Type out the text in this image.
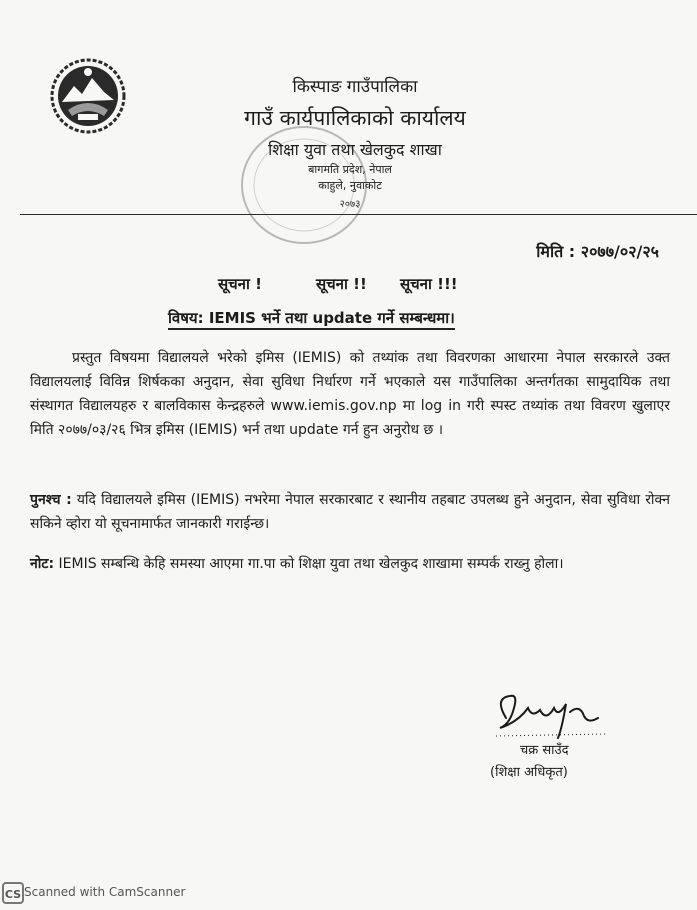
किस्पाङ गाउँपालिका
गाउँ कार्यपालिकाको कार्यालय
शिक्षा युवा तथा खेलकुद शाखा
बागमति प्रदेश, नेपाल
काहुले, नुवाकोट
२०७३
मिति : २०७७/०२/२५
सूचना !	सूचना !! सूचना !!!
विषय: IEMIS भर्ने तथा update गर्ने सम्बन्धमा।
प्रस्तुत विषयमा विद्यालयले भरेको इमिस (IEMIS) को तथ्यांक तथा विवरणका आधारमा नेपाल सरकारले उक्त विद्यालयलाई विविन्न शिर्षकका अनुदान, सेवा सुविधा निर्धारण गर्ने भएकाले यस गाउँपालिका अन्तर्गतका सामुदायिक तथा संस्थागत विद्यालयहरु र बालविकास केन्द्रहरुले www.iemis.gov.np मा log in गरी स्पस्ट तथ्यांक तथा विवरण खुलाएर मिति २०७७/०३/२६ भित्र इमिस (IEMIS) भर्न तथा update गर्न हुन अनुरोध छ ।
पुनश्च : यदि विद्यालयले इमिस (IEMIS) नभरेमा नेपाल सरकारबाट र स्थानीय तहबाट उपलब्ध हुने अनुदान, सेवा सुविधा रोक्न सकिने व्होरा यो सूचनामार्फत जानकारी गराईन्छ।
नोट: IEMIS सम्बन्धि केहि समस्या आएमा गा.पा को शिक्षा युवा तथा खेलकुद शाखामा सम्पर्क राख्नु होला।
चक्र साउँद
(शिक्षा अधिकृत)
CS Scanned with CamScanner
